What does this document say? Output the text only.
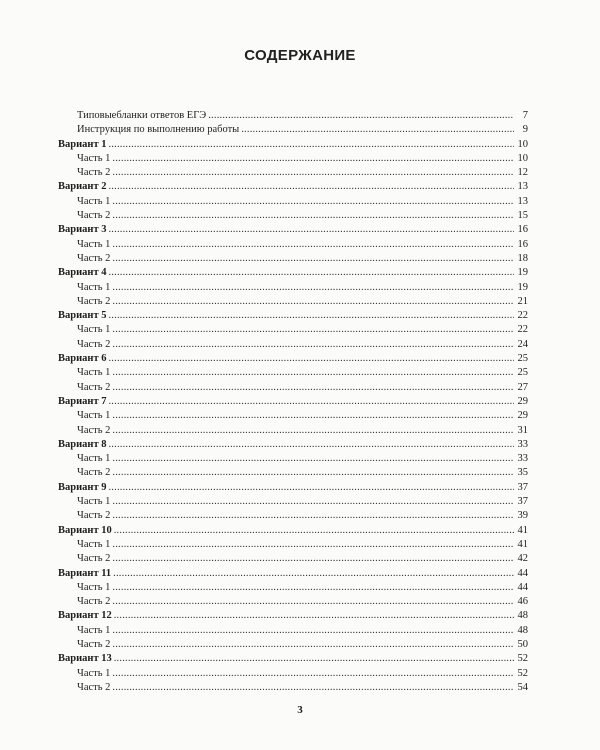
СОДЕРЖАНИЕ
Типовыебланки ответов ЕГЭ .....	7
Инструкция по выполнению работы .....	9
Вариант 1 .....	10
Часть 1 .....	10
Часть 2 .....	12
Вариант 2 .....	13
Часть 1 .....	13
Часть 2 .....	15
Вариант 3 .....	16
Часть 1 .....	16
Часть 2 .....	18
Вариант 4 .....	19
Часть 1 .....	19
Часть 2 .....	21
Вариант 5 .....	22
Часть 1 .....	22
Часть 2 .....	24
Вариант 6 .....	25
Часть 1 .....	25
Часть 2 .....	27
Вариант 7 .....	29
Часть 1 .....	29
Часть 2 .....	31
Вариант 8 .....	33
Часть 1 .....	33
Часть 2 .....	35
Вариант 9 .....	37
Часть 1 .....	37
Часть 2 .....	39
Вариант 10 .....	41
Часть 1 .....	41
Часть 2 .....	42
Вариант 11 .....	44
Часть 1 .....	44
Часть 2 .....	46
Вариант 12 .....	48
Часть 1 .....	48
Часть 2 .....	50
Вариант 13 .....	52
Часть 1 .....	52
Часть 2 .....	54
3
